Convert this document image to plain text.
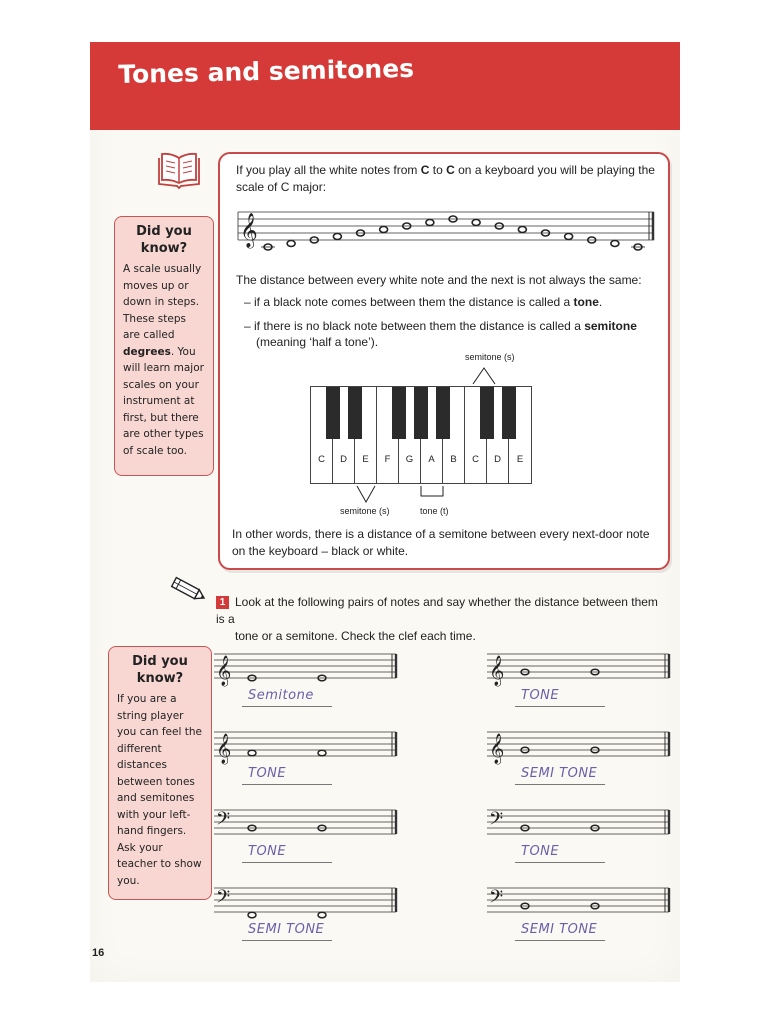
Tones and semitones
Did you know?
A scale usually moves up or down in steps. These steps are called degrees. You will learn major scales on your instrument at first, but there are other types of scale too.
If you play all the white notes from C to C on a keyboard you will be playing the
scale of C major:
𝄞
The distance between every white note and the next is not always the same:
– if a black note comes between them the distance is called a tone.
– if there is no black note between them the distance is called a semitone
(meaning ‘half a tone’).
semitone (s)
C	D	E	F	G	A	B	C	D	E
semitone (s)	tone (t)
In other words, there is a distance of a semitone between every next-door note
on the keyboard – black or white.
1 Look at the following pairs of notes and say whether the distance between them is a
tone or a semitone. Check the clef each time.
Did you know?
If you are a string player you can feel the different distances between tones and semitones with your left-hand fingers. Ask your teacher to show you.
𝄞
Semitone
𝄞
TONE
𝄞
TONE
𝄞
SEMI TONE
𝄢
TONE
𝄢
TONE
𝄢
SEMI TONE
𝄢
SEMI TONE
16
